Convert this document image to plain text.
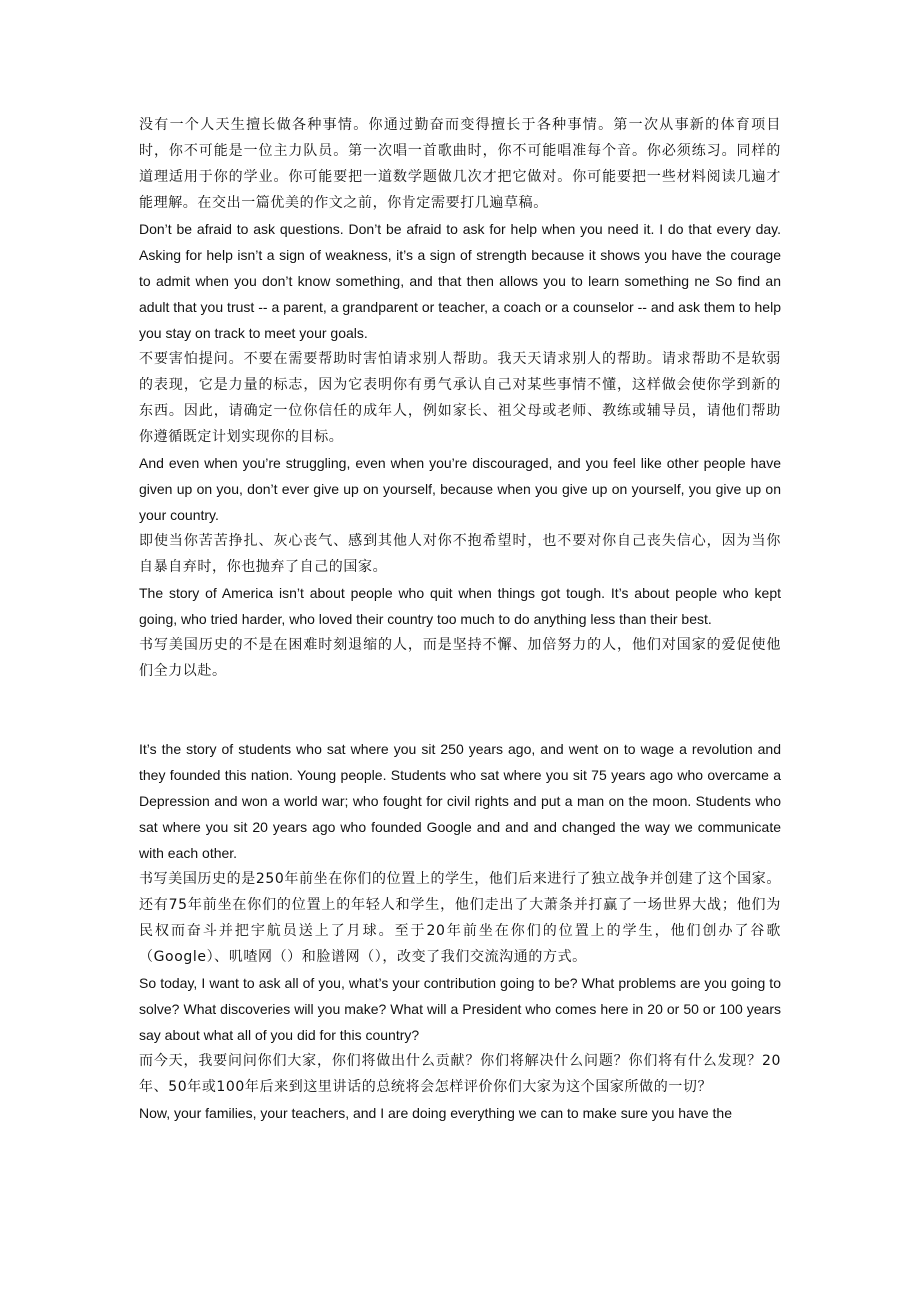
没有一个人天生擅长做各种事情。你通过勤奋而变得擅长于各种事情。第一次从事新的体育项目时，你不可能是一位主力队员。第一次唱一首歌曲时，你不可能唱准每个音。你必须练习。同样的道理适用于你的学业。你可能要把一道数学题做几次才把它做对。你可能要把一些材料阅读几遍才能理解。在交出一篇优美的作文之前，你肯定需要打几遍草稿。

Don’t be afraid to ask questions. Don’t be afraid to ask for help when you need it. I do that every day. Asking for help isn’t a sign of weakness, it’s a sign of strength because it shows you have the courage to admit when you don’t know something, and that then allows you to learn something ne So find an adult that you trust -- a parent, a grandparent or teacher, a coach or a counselor -- and ask them to help you stay on track to meet your goals.

不要害怕提问。不要在需要帮助时害怕请求别人帮助。我天天请求别人的帮助。请求帮助不是软弱的表现，它是力量的标志，因为它表明你有勇气承认自己对某些事情不懂，这样做会使你学到新的东西。因此，请确定一位你信任的成年人，例如家长、祖父母或老师、教练或辅导员，请他们帮助你遵循既定计划实现你的目标。

And even when you’re struggling, even when you’re discouraged, and you feel like other people have given up on you, don’t ever give up on yourself, because when you give up on yourself, you give up on your country.

即使当你苦苦挣扎、灰心丧气、感到其他人对你不抱希望时，也不要对你自己丧失信心，因为当你自暴自弃时，你也抛弃了自己的国家。

The story of America isn’t about people who quit when things got tough. It’s about people who kept going, who tried harder, who loved their country too much to do anything less than their best.

书写美国历史的不是在困难时刻退缩的人，而是坚持不懈、加倍努力的人，他们对国家的爱促使他们全力以赴。

It’s the story of students who sat where you sit 250 years ago, and went on to wage a revolution and they founded this nation. Young people. Students who sat where you sit 75 years ago who overcame a Depression and won a world war; who fought for civil rights and put a man on the moon. Students who sat where you sit 20 years ago who founded Google and and and changed the way we communicate with each other.

书写美国历史的是250年前坐在你们的位置上的学生，他们后来进行了独立战争并创建了这个国家。还有75年前坐在你们的位置上的年轻人和学生，他们走出了大萧条并打赢了一场世界大战；他们为民权而奋斗并把宇航员送上了月球。至于20年前坐在你们的位置上的学生，他们创办了谷歌（Google）、叽喳网（）和脸谱网（），改变了我们交流沟通的方式。

So today, I want to ask all of you, what’s your contribution going to be? What problems are you going to solve? What discoveries will you make? What will a President who comes here in 20 or 50 or 100 years say about what all of you did for this country?

而今天，我要问问你们大家，你们将做出什么贡献？你们将解决什么问题？你们将有什么发现？20年、50年或100年后来到这里讲话的总统将会怎样评价你们大家为这个国家所做的一切？

Now, your families, your teachers, and I are doing everything we can to make sure you have the
